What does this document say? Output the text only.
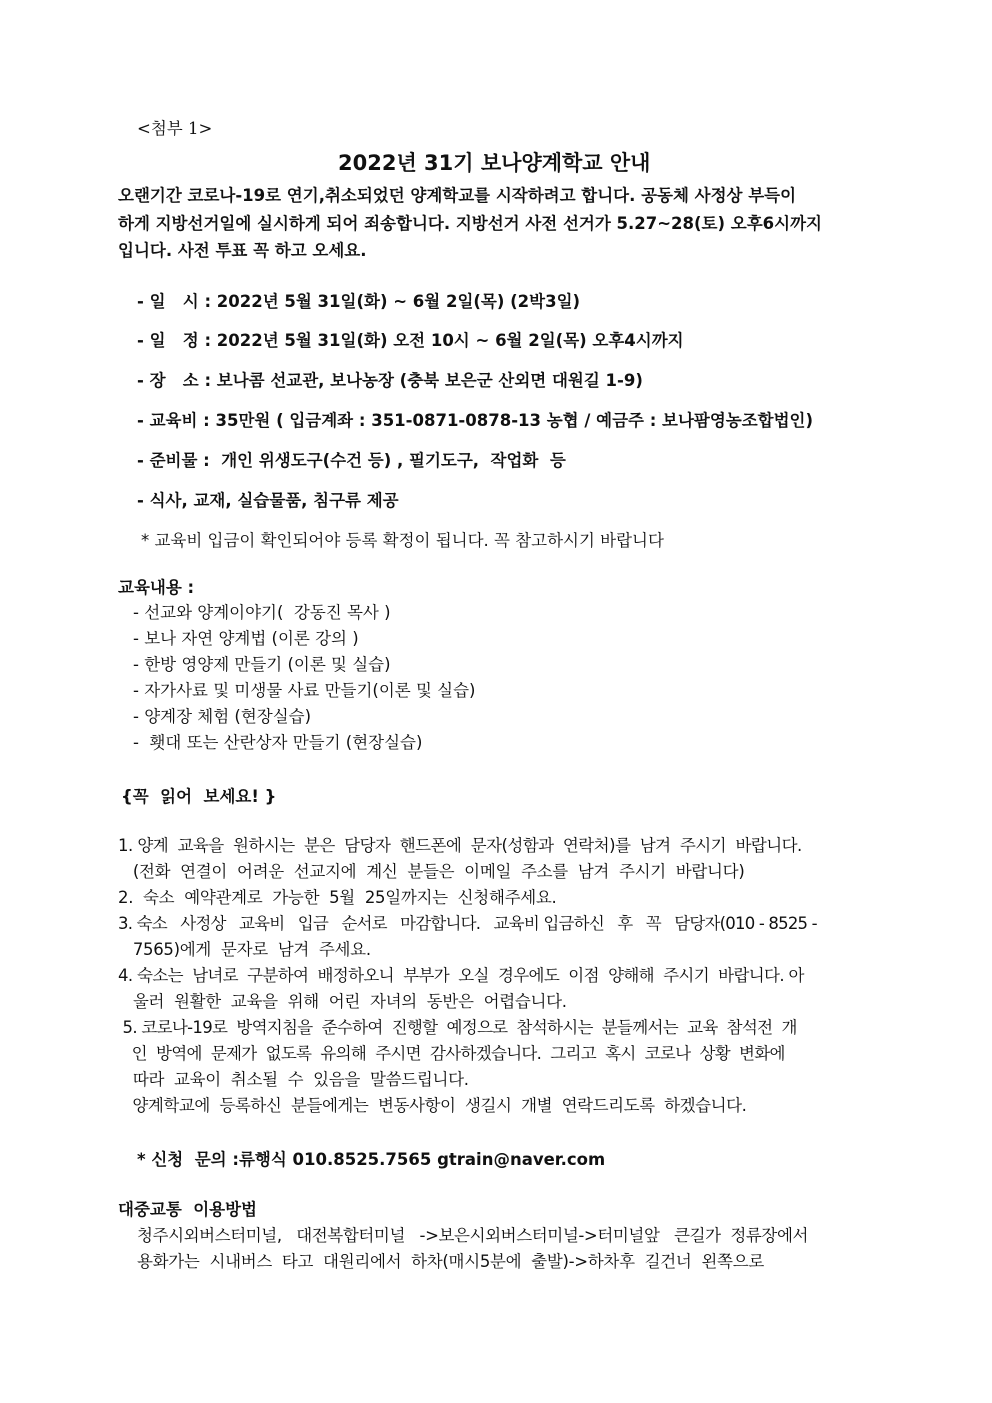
<첨부 1>
2022년 31기 보나양계학교 안내
오랜기간 코로나-19로 연기,취소되었던 양계학교를 시작하려고 합니다. 공동체 사정상 부득이
하게 지방선거일에 실시하게 되어 죄송합니다. 지방선거 사전 선거가 5.27~28(토) 오후6시까지
입니다. 사전 투표 꼭 하고 오세요.
- 일   시 : 2022년 5월 31일(화) ~ 6월 2일(목) (2박3일)
- 일   정 : 2022년 5월 31일(화) 오전 10시 ~ 6월 2일(목) 오후4시까지
- 장   소 : 보나콤 선교관, 보나농장 (충북 보은군 산외면 대원길 1-9)
- 교육비 : 35만원 ( 입금계좌 : 351-0871-0878-13 농협 / 예금주 : 보나팜영농조합법인)
- 준비물 :  개인 위생도구(수건 등) , 필기도구,  작업화  등
- 식사, 교재, 실습물품, 침구류 제공
* 교육비 입금이 확인되어야 등록 확정이 됩니다. 꼭 참고하시기 바랍니다
교육내용 :
- 선교와 양계이야기(  강동진 목사 )
- 보나 자연 양계법 (이론 강의 )
- 한방 영양제 만들기 (이론 및 실습)
- 자가사료 및 미생물 사료 만들기(이론 및 실습)
- 양계장 체험 (현장실습)
-  횃대 또는 산란상자 만들기 (현장실습)
{꼭  읽어  보세요! }
1. 양계  교육을  원하시는  분은  담당자  핸드폰에  문자(성함과  연락처)를  남겨  주시기  바랍니다.
(전화  연결이  어려운  선교지에  계신  분들은  이메일  주소를  남겨  주시기  바랍니다)
2.  숙소  예약관계로  가능한  5월  25일까지는  신청해주세요.
3. 숙소   사정상   교육비   입금   순서로   마감합니다.   교육비 입금하신   후   꼭   담당자(010 - 8525 -
7565)에게  문자로  남겨  주세요.
4. 숙소는  남녀로  구분하여  배정하오니  부부가  오실  경우에도  이점  양해해  주시기  바랍니다. 아
울러  원활한  교육을  위해  어린  자녀의  동반은  어렵습니다.
5. 코로나-19로  방역지침을  준수하여  진행할  예정으로  참석하시는  분들께서는  교육  참석전  개
인  방역에  문제가  없도록  유의해  주시면  감사하겠습니다.  그리고  혹시  코로나  상황  변화에
따라  교육이  취소될  수  있음을  말씀드립니다.
양계학교에  등록하신  분들에게는  변동사항이  생길시  개별  연락드리도록  하겠습니다.
* 신청  문의 :류행식 010.8525.7565 gtrain@naver.com
대중교통  이용방법
청주시외버스터미널,   대전복합터미널   ->보은시외버스터미널->터미널앞   큰길가  정류장에서
용화가는  시내버스  타고  대원리에서  하차(매시5분에  출발)->하차후  길건너  왼쪽으로
